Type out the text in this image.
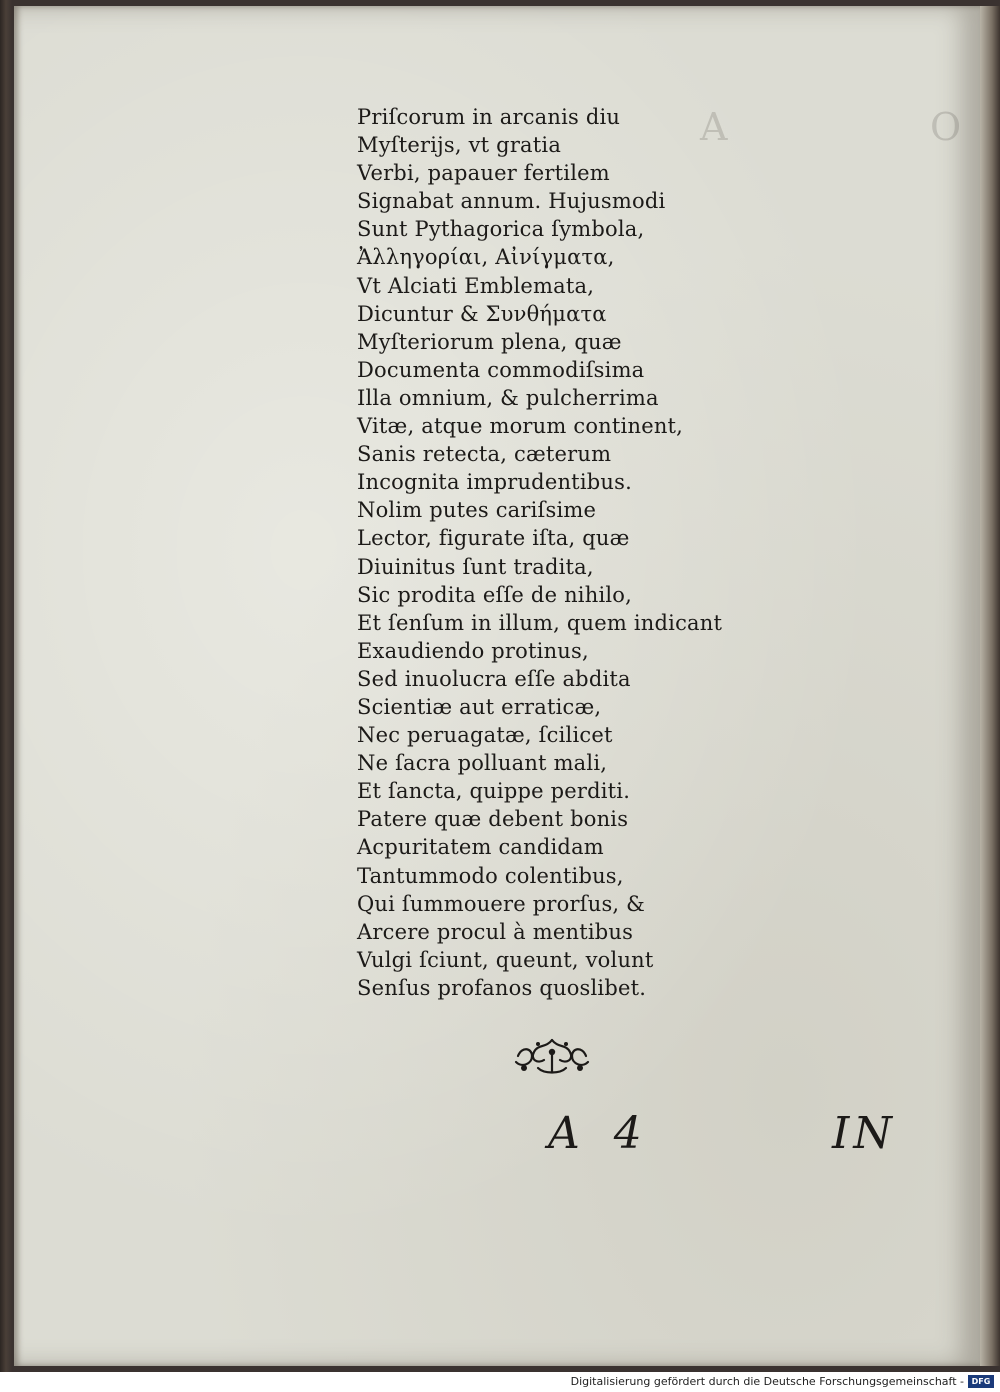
A	O
Priſcorum in arcanis diu
Myſterijs, vt gratia
Verbi, papauer fertilem
Signabat annum. Hujusmodi
Sunt Pythagorica ſymbola,
Ἀλληγορίαι, Αἰνίγματα,
Vt Alciati Emblemata,
Dicuntur & Συνθήματα
Myſteriorum plena, quæ
Documenta commodiſsima
Illa omnium, & pulcherrima
Vitæ, atque morum continent,
Sanis retecta, cæterum
Incognita imprudentibus.
Nolim putes cariſsime
Lector, figurate iſta, quæ
Diuinitus ſunt tradita,
Sic prodita eſſe de nihilo,
Et ſenſum in illum, quem indicant
Exaudiendo protinus,
Sed inuolucra eſſe abdita
Scientiæ aut erraticæ,
Nec peruagatæ, ſcilicet
Ne ſacra polluant mali,
Et ſancta, quippe perditi.
Patere quæ debent bonis
Acpuritatem candidam
Tantummodo colentibus,
Qui ſummouere prorſus, &
Arcere procul à mentibus
Vulgi ſciunt, queunt, volunt
Senſus profanos quoslibet.
A 4	IN
Digitalisierung gefördert durch die Deutsche Forschungsgemeinschaft - DFG
